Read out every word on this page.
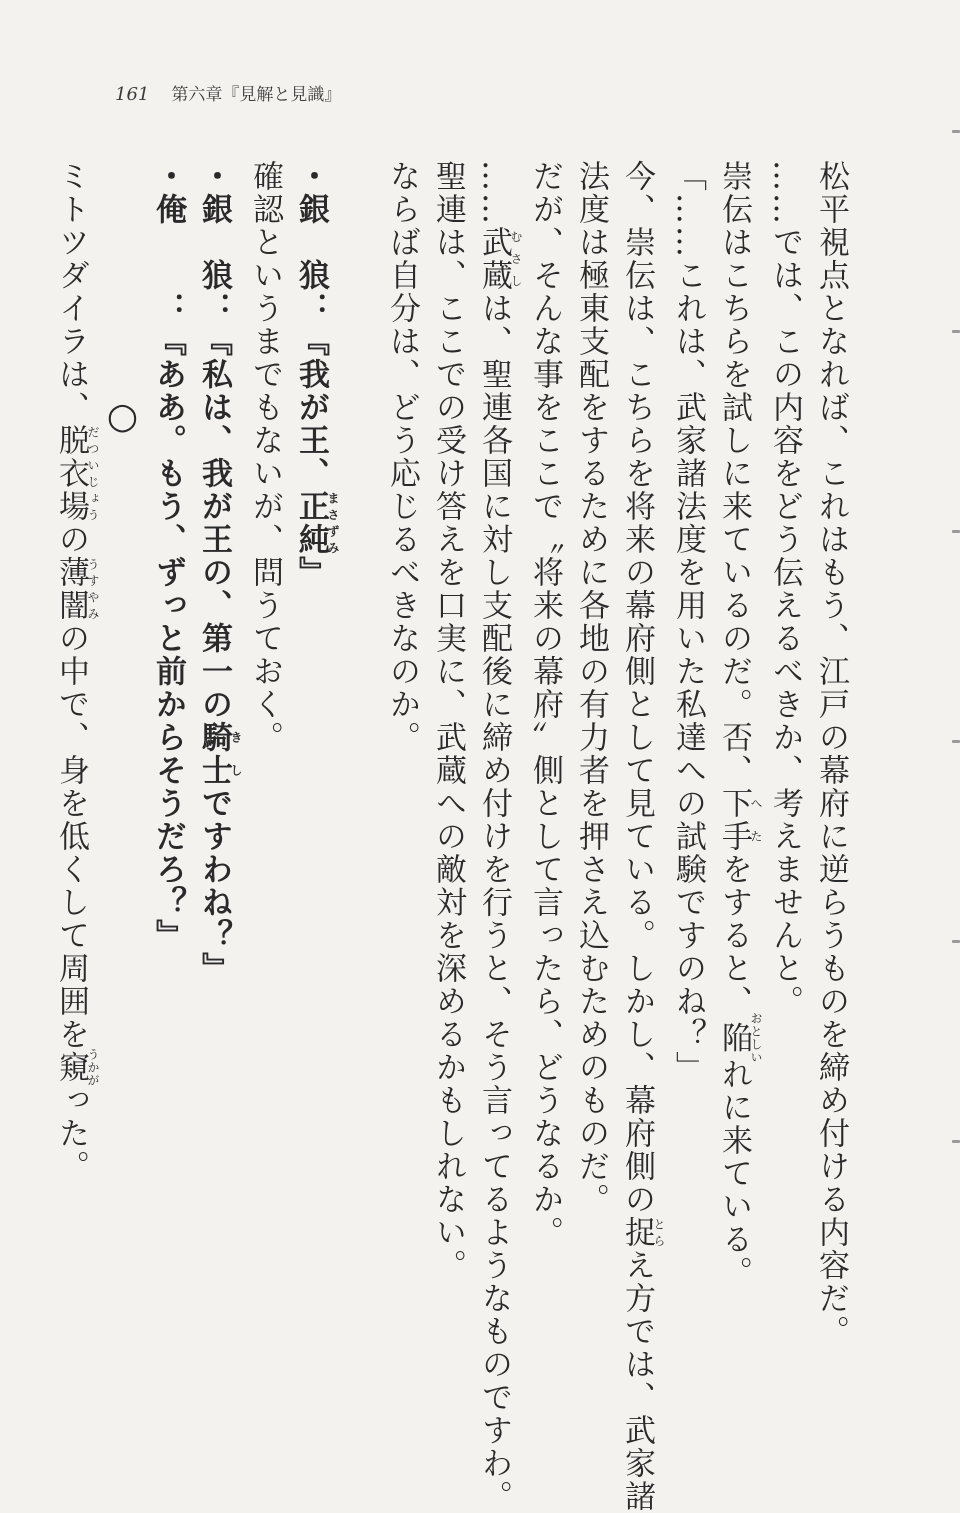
161 第六章『見解と見識』
松平視点となれば、これはもう、江戸の幕府に逆らうものを締め付ける内容だ。
……では、この内容をどう伝えるべきか、考えませんと。
崇伝はこちらを試しに来ているのだ。否、下手へたをすると、陥おとしいれに来ている。
「……これは、武家諸法度を用いた私達への試験ですのね？」
今、崇伝は、こちらを将来の幕府側として見ている。しかし、幕府側の捉とらえ方では、武家諸
法度は極東支配をするために各地の有力者を押さえ込むためのものだ。
だが、そんな事をここで〝将来の幕府〟側として言ったら、どうなるか。
……武蔵むさしは、聖連各国に対し支配後に締め付けを行うと、そう言ってるようなものですわ。
聖連は、ここでの受け答えを口実に、武蔵への敵対を深めるかもしれない。
ならば自分は、どう応じるべきなのか。
・銀　狼：『我が王、正純まさずみ』
確認というまでもないが、問うておく。
・銀　狼：『私は、我が王の、第一の騎士きしですわね？』
・俺　　：『ああ。もう、ずっと前からそうだろ？』
○
ミトツダイラは、脱衣場だついじょうの薄闇うすやみの中で、身を低くして周囲を窺うかがった。
